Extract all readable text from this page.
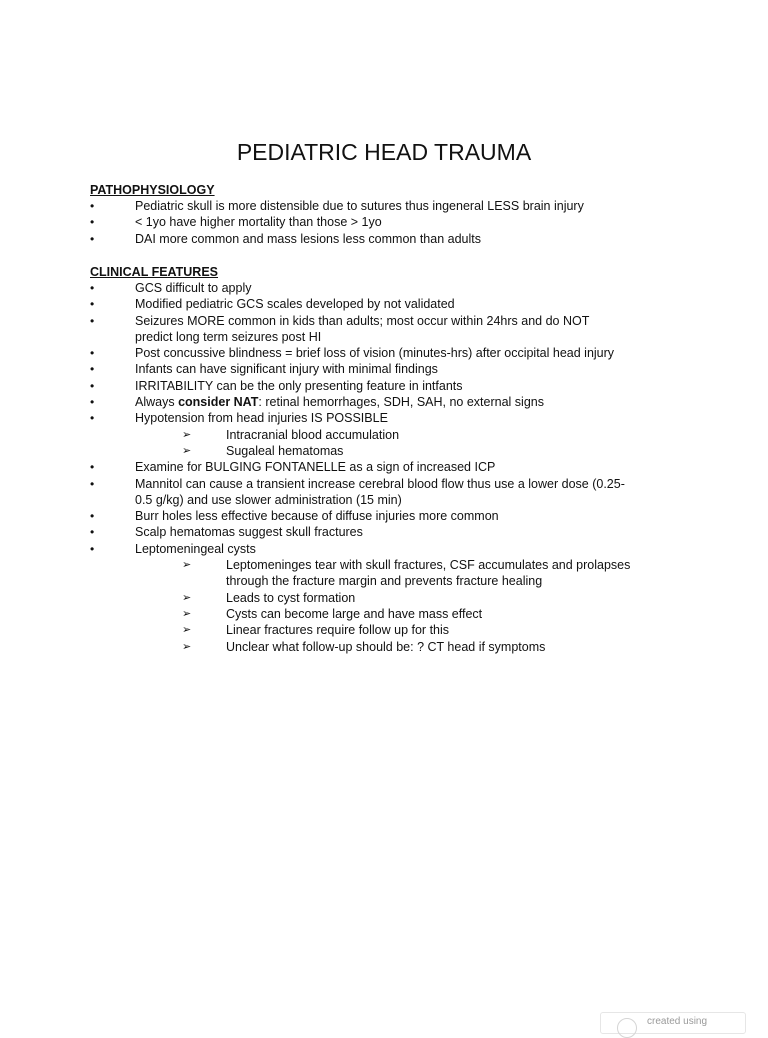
PEDIATRIC HEAD TRAUMA
PATHOPHYSIOLOGY
•	Pediatric skull is more distensible due to sutures thus ingeneral LESS brain injury
•	< 1yo have higher mortality than those > 1yo
•	DAI more common and mass lesions less common than adults
CLINICAL FEATURES
•	GCS difficult to apply
•	Modified pediatric GCS scales developed by not validated
•	Seizures MORE common in kids than adults; most occur within 24hrs and do NOT
predict long term seizures post HI
•	Post concussive blindness = brief loss of vision (minutes-hrs) after occipital head injury
•	Infants can have significant injury with minimal findings
•	IRRITABILITY can be the only presenting feature in intfants
•	Always consider NAT: retinal hemorrhages, SDH, SAH, no external signs
•	Hypotension from head injuries IS POSSIBLE
➢	Intracranial blood accumulation
➢	Sugaleal hematomas
•	Examine for BULGING FONTANELLE as a sign of increased ICP
•	Mannitol can cause a transient increase cerebral blood flow thus use a lower dose (0.25-
0.5 g/kg) and use slower administration (15 min)
•	Burr holes less effective because of diffuse injuries more common
•	Scalp hematomas suggest skull fractures
•	Leptomeningeal cysts
➢	Leptomeninges tear with skull fractures, CSF accumulates and prolapses
through the fracture margin and prevents fracture healing
➢	Leads to cyst formation
➢	Cysts can become large and have mass effect
➢	Linear fractures require follow up for this
➢	Unclear what follow-up should be: ? CT head if symptoms
created using
